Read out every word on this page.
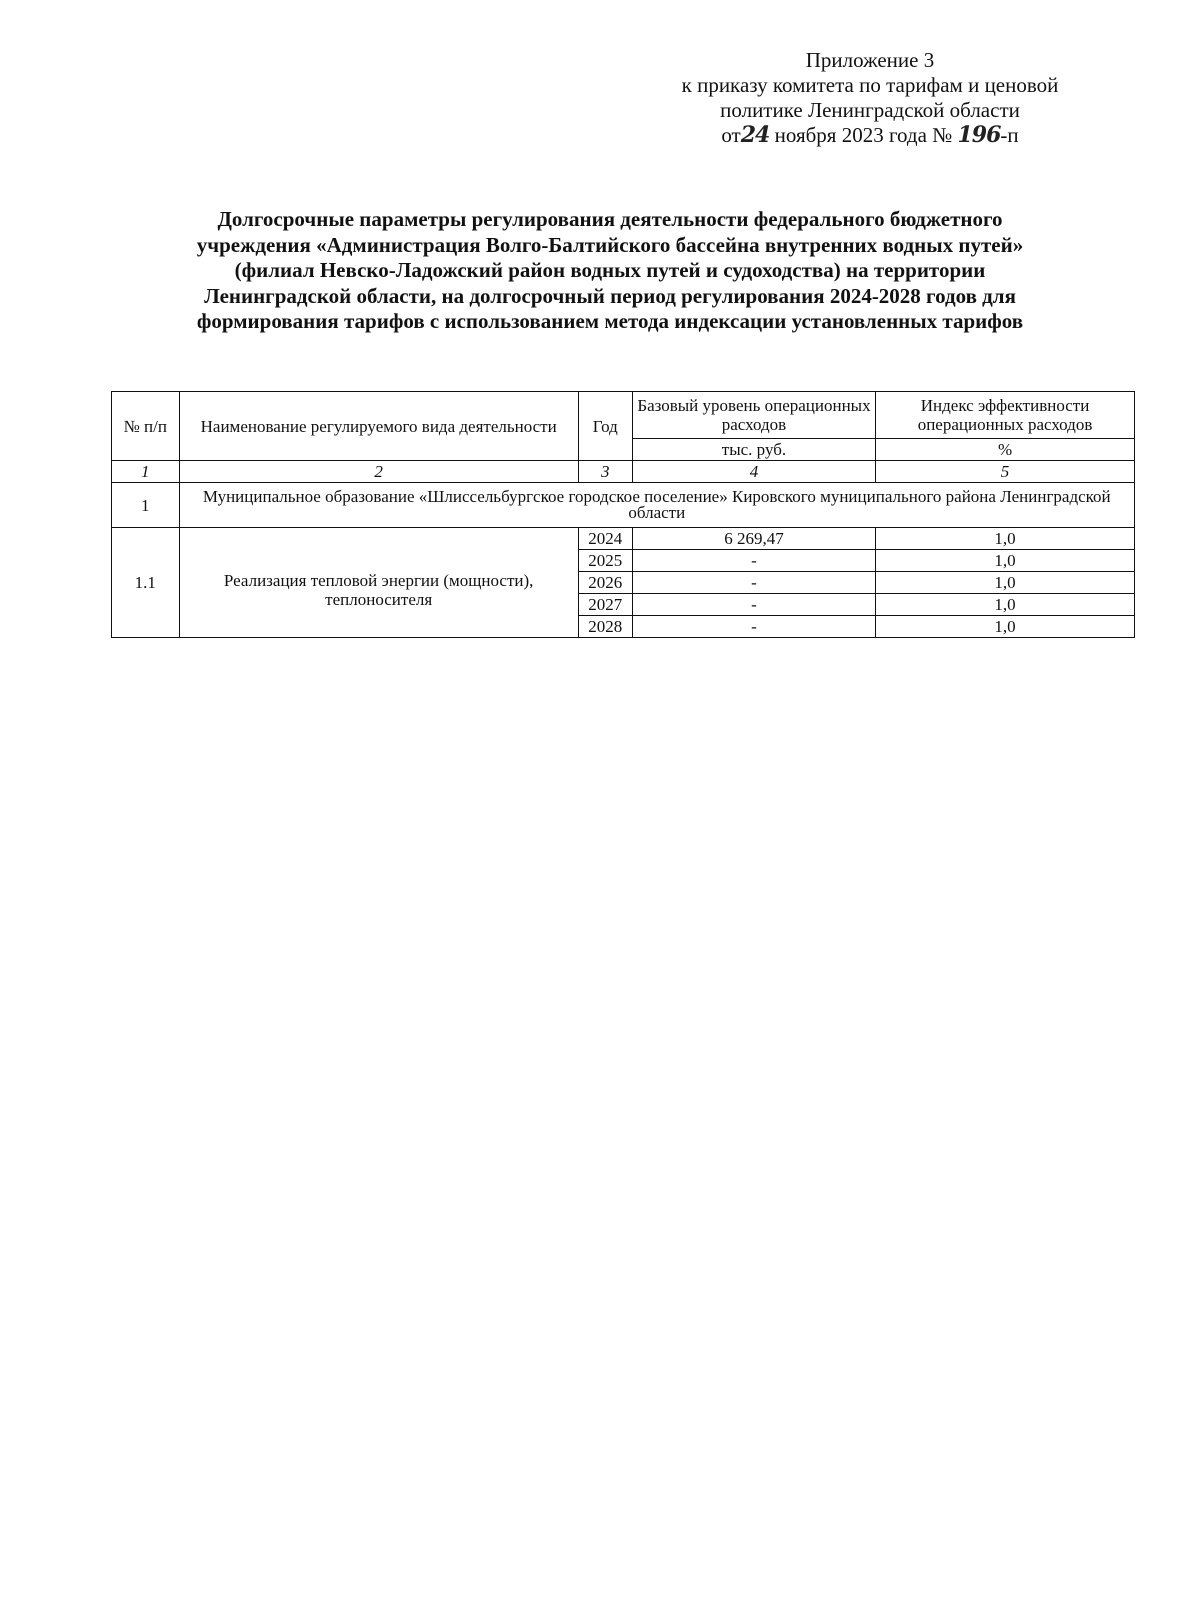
Приложение 3
к приказу комитета по тарифам и ценовой
политике Ленинградской области
от24 ноября 2023 года № 196-п
Долгосрочные параметры регулирования деятельности федерального бюджетного
учреждения «Администрация Волго-Балтийского бассейна внутренних водных путей»
(филиал Невско-Ладожский район водных путей и судоходства) на территории
Ленинградской области, на долгосрочный период регулирования 2024-2028 годов для
формирования тарифов с использованием метода индексации установленных тарифов
№ п/п	Наименование регулируемого вида деятельности	Год	Базовый уровень операционных расходов	Индекс эффективности операционных расходов
			тыс. руб.	%
1	2	3	4	5
1	Муниципальное образование «Шлиссельбургское городское поселение» Кировского муниципального района Ленинградской области			
1.1	Реализация тепловой энергии (мощности), теплоносителя	2024	6 269,47	1,0
		2025	-	1,0
		2026	-	1,0
		2027	-	1,0
		2028	-	1,0
